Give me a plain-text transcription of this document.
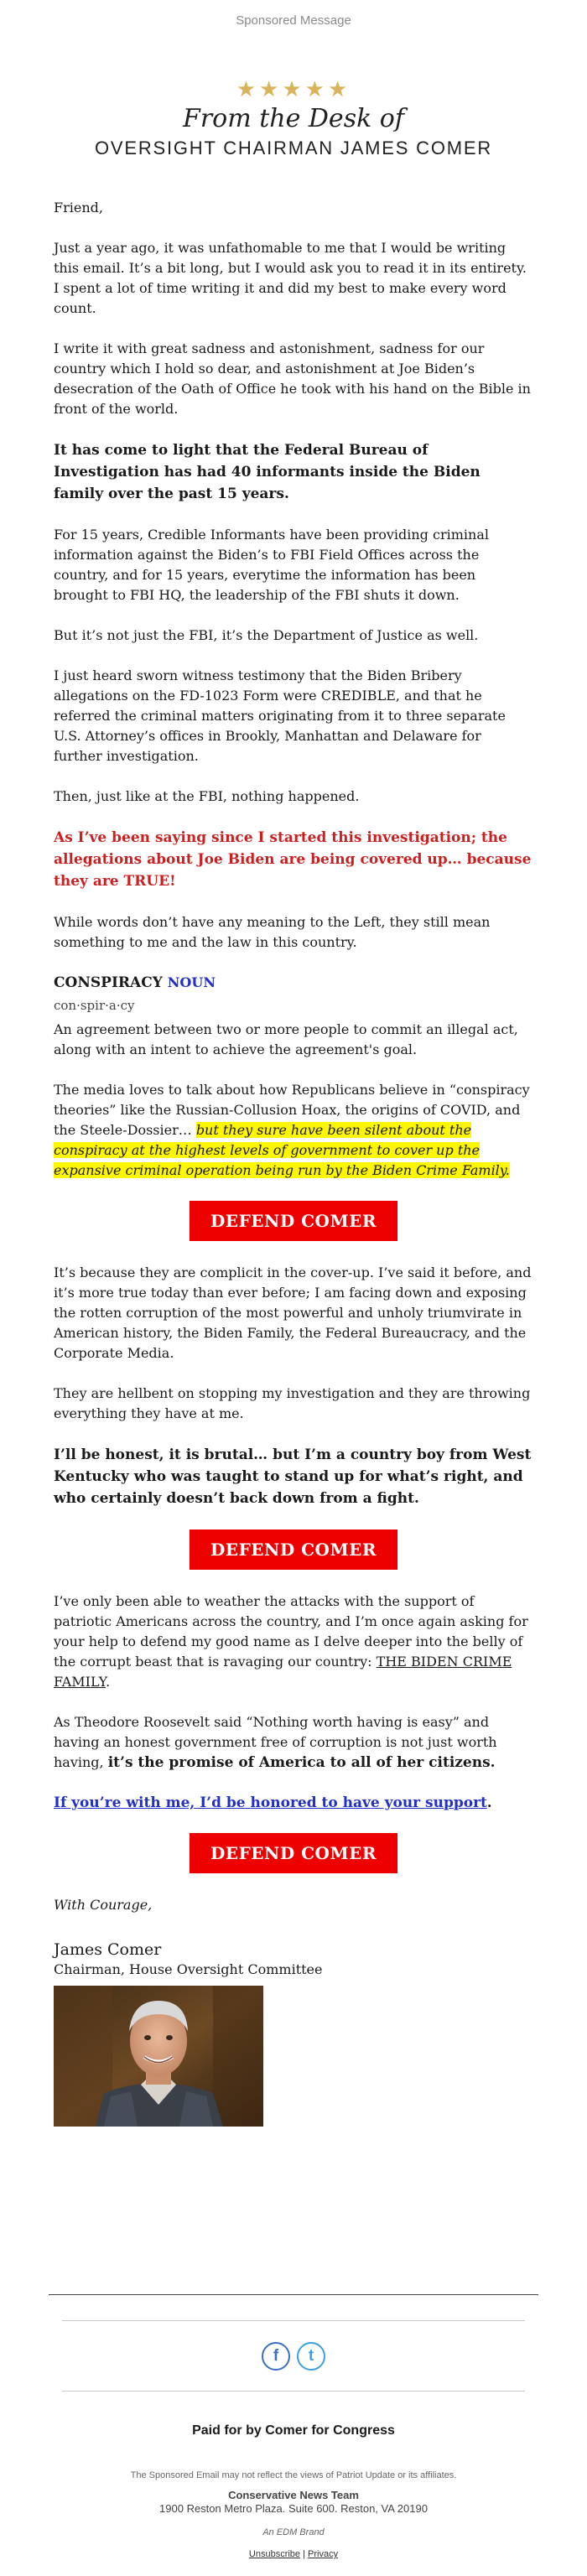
Sponsored Message
★★★★★
From the Desk of
OVERSIGHT CHAIRMAN JAMES COMER

Friend,

Just a year ago, it was unfathomable to me that I would be writing this email. It’s a bit long, but I would ask you to read it in its entirety. I spent a lot of time writing it and did my best to make every word count.

I write it with great sadness and astonishment, sadness for our country which I hold so dear, and astonishment at Joe Biden’s desecration of the Oath of Office he took with his hand on the Bible in front of the world.

It has come to light that the Federal Bureau of Investigation has had 40 informants inside the Biden family over the past 15 years.

For 15 years, Credible Informants have been providing criminal information against the Biden’s to FBI Field Offices across the country, and for 15 years, everytime the information has been brought to FBI HQ, the leadership of the FBI shuts it down.

But it’s not just the FBI, it’s the Department of Justice as well.

I just heard sworn witness testimony that the Biden Bribery allegations on the FD-1023 Form were CREDIBLE, and that he referred the criminal matters originating from it to three separate U.S. Attorney’s offices in Brookly, Manhattan and Delaware for further investigation.

Then, just like at the FBI, nothing happened.

As I’ve been saying since I started this investigation; the allegations about Joe Biden are being covered up… because they are TRUE!

While words don’t have any meaning to the Left, they still mean something to me and the law in this country.

CONSPIRACY NOUN
con·spir·a·cy
An agreement between two or more people to commit an illegal act, along with an intent to achieve the agreement's goal.

The media loves to talk about how Republicans believe in “conspiracy theories” like the Russian-Collusion Hoax, the origins of COVID, and the Steele-Dossier… but they sure have been silent about the conspiracy at the highest levels of government to cover up the expansive criminal operation being run by the Biden Crime Family.

DEFEND COMER

It’s because they are complicit in the cover-up. I’ve said it before, and it’s more true today than ever before; I am facing down and exposing the rotten corruption of the most powerful and unholy triumvirate in American history, the Biden Family, the Federal Bureaucracy, and the Corporate Media.

They are hellbent on stopping my investigation and they are throwing everything they have at me.

I’ll be honest, it is brutal… but I’m a country boy from West Kentucky who was taught to stand up for what’s right, and who certainly doesn’t back down from a fight.

DEFEND COMER

I’ve only been able to weather the attacks with the support of patriotic Americans across the country, and I’m once again asking for your help to defend my good name as I delve deeper into the belly of the corrupt beast that is ravaging our country: THE BIDEN CRIME FAMILY.

As Theodore Roosevelt said “Nothing worth having is easy” and having an honest government free of corruption is not just worth having, it’s the promise of America to all of her citizens.

If you’re with me, I’d be honored to have your support.

DEFEND COMER
With Courage,
James Comer
Chairman, House Oversight Committee
f	t
Paid for by Comer for Congress
The Sponsored Email may not reflect the views of Patriot Update or its affiliates.
Conservative News Team
1900 Reston Metro Plaza. Suite 600. Reston, VA 20190
An EDM Brand
Unsubscribe | Privacy
